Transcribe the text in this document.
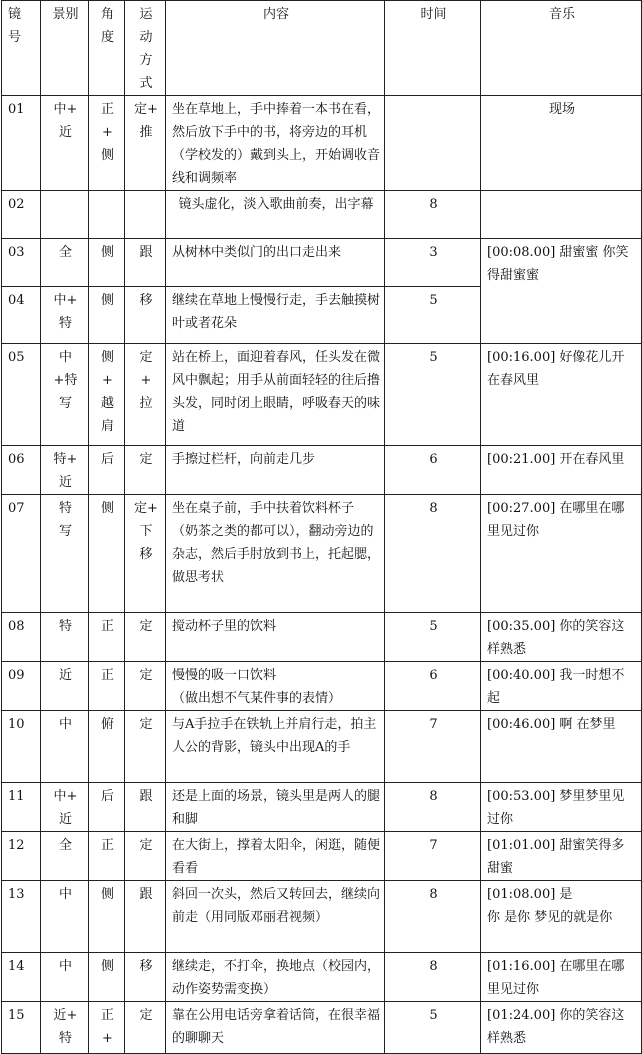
镜
号	景别	角
度	运
动
方
式	内容	时间	音乐
01	中+
近	正
+
侧	定+
推	坐在草地上，手中捧着一本书在看，然后放下手中的书，将旁边的耳机（学校发的）戴到头上，开始调收音线和调频率		现场
02				镜头虚化，淡入歌曲前奏，出字幕	8	
03	全	侧	跟	从树林中类似门的出口走出来	3	[00:08.00] 甜蜜蜜 你笑得甜蜜蜜
04	中+
特	侧	移	继续在草地上慢慢行走，手去触摸树叶或者花朵	5	
05	中
+特
写	侧
+
越
肩	定
+
拉	站在桥上，面迎着春风，任头发在微风中飘起；用手从前面轻轻的往后撸头发，同时闭上眼睛，呼吸春天的味道	5	[00:16.00] 好像花儿开在春风里
06	特+
近	后	定	手擦过栏杆，向前走几步	6	[00:21.00] 开在春风里
07	特
写	侧	定+
下
移	坐在桌子前，手中扶着饮料杯子
（奶茶之类的都可以），翻动旁边的杂志，然后手肘放到书上，托起腮，做思考状	8	[00:27.00] 在哪里在哪里见过你
08	特	正	定	搅动杯子里的饮料	5	[00:35.00] 你的笑容这样熟悉
09	近	正	定	慢慢的吸一口饮料
（做出想不气某件事的表情）	6	[00:40.00] 我一时想不起
10	中	俯	定	与A手拉手在铁轨上并肩行走，拍主人公的背影，镜头中出现A的手	7	[00:46.00] 啊 在梦里
11	中+
近	后	跟	还是上面的场景，镜头里是两人的腿和脚	8	[00:53.00] 梦里梦里见过你
12	全	正	定	在大街上，撑着太阳伞，闲逛，随便看看	7	[01:01.00] 甜蜜笑得多甜蜜
13	中	侧	跟	斜回一次头，然后又转回去，继续向前走（用同版邓丽君视频）	8	[01:08.00] 是
你 是你 梦见的就是你
14	中	侧	移	继续走，不打伞，换地点（校园内，动作姿势需变换）	8	[01:16.00] 在哪里在哪里见过你
15	近+
特	正
+	定	靠在公用电话旁拿着话筒，在很幸福的聊聊天	5	[01:24.00] 你的笑容这样熟悉
